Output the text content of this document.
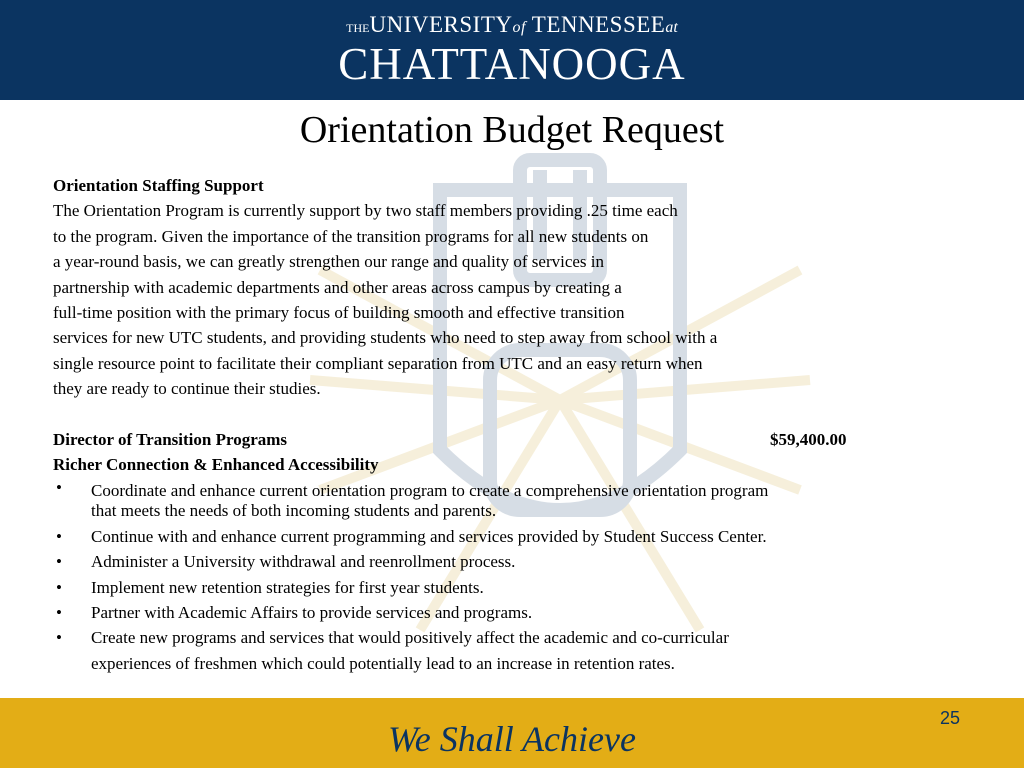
THEUNIVERSITYof TENNESSEEat
CHATTANOOGA
Orientation Budget Request
Orientation Staffing Support
The Orientation Program is currently support by two staff members providing .25 time each
to the program. Given the importance of the transition programs for all new students on
a year-round basis, we can greatly strengthen our range and quality of services in
partnership with academic departments and other areas across campus by creating a
full-time position with the primary focus of building smooth and effective transition
services for new UTC students, and providing students who need to step away from school with a
single resource point to facilitate their compliant separation from UTC and an easy return when
they are ready to continue their studies.
Director of Transition Programs	$59,400.00
Richer Connection & Enhanced Accessibility
• Coordinate and enhance current orientation program to create a comprehensive orientation program
that meets the needs of both incoming students and parents.
• Continue with and enhance current programming and services provided by Student Success Center.
• Administer a University withdrawal and reenrollment process.
• Implement new retention strategies for first year students.
• Partner with Academic Affairs to provide services and programs.
• Create new programs and services that would positively affect the academic and co-curricular
experiences of freshmen which could potentially lead to an increase in retention rates.
We Shall Achieve
25
